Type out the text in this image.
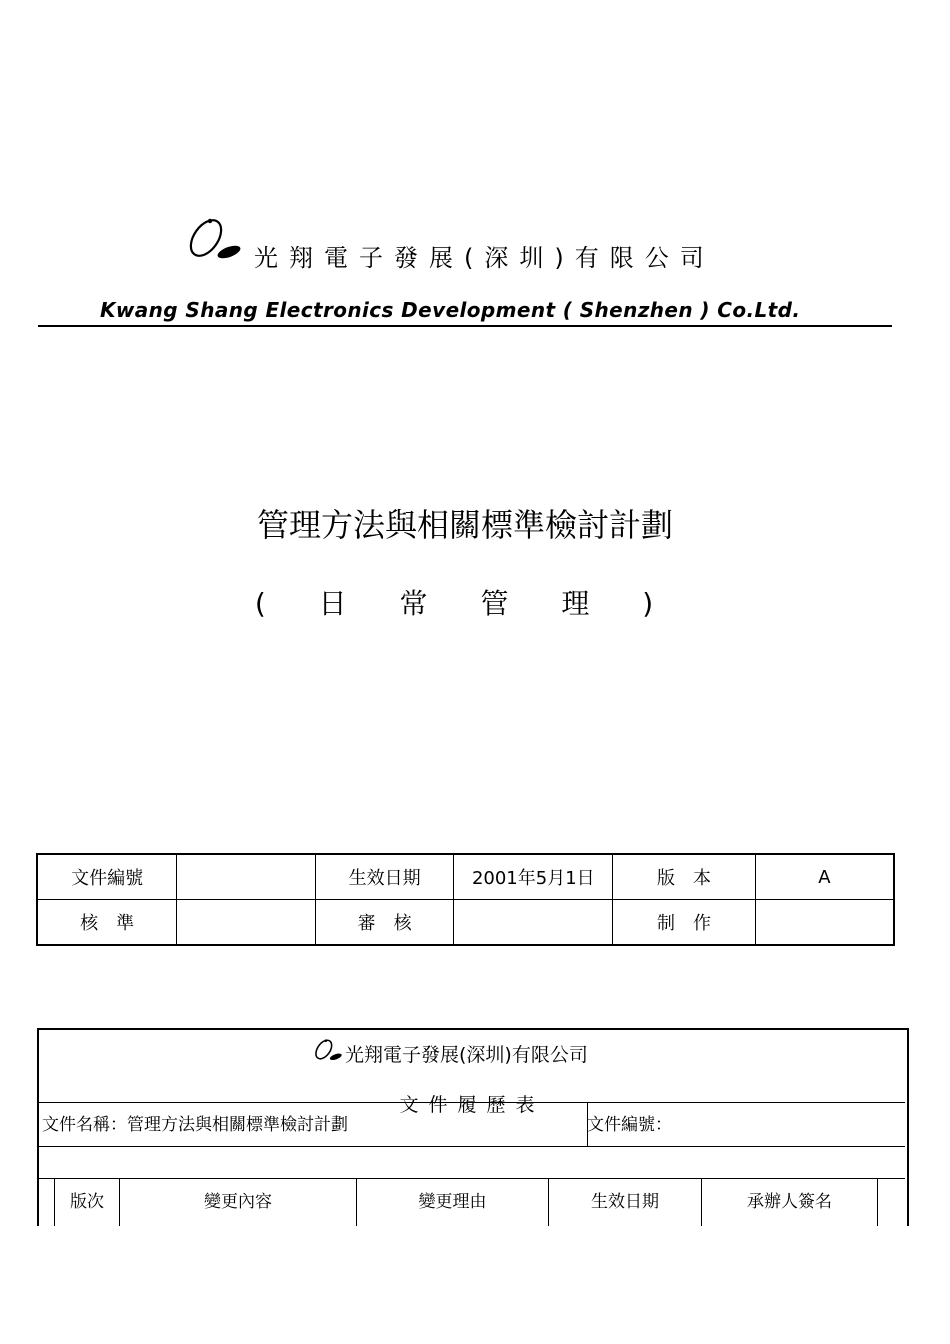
光翔電子發展(深圳)有限公司
Kwang Shang Electronics Development ( Shenzhen ) Co.Ltd.
管理方法與相關標準檢討計劃
( 日 常 管 理 )
文件編號		生效日期	2001年5月1日	版　本	A
核　準		審　核		制　作	
光翔電子發展(深圳)有限公司
文件履歷表
文件名稱：管理方法與相關標準檢討計劃	文件編號：
版次	變更內容	變更理由	生效日期	承辦人簽名
